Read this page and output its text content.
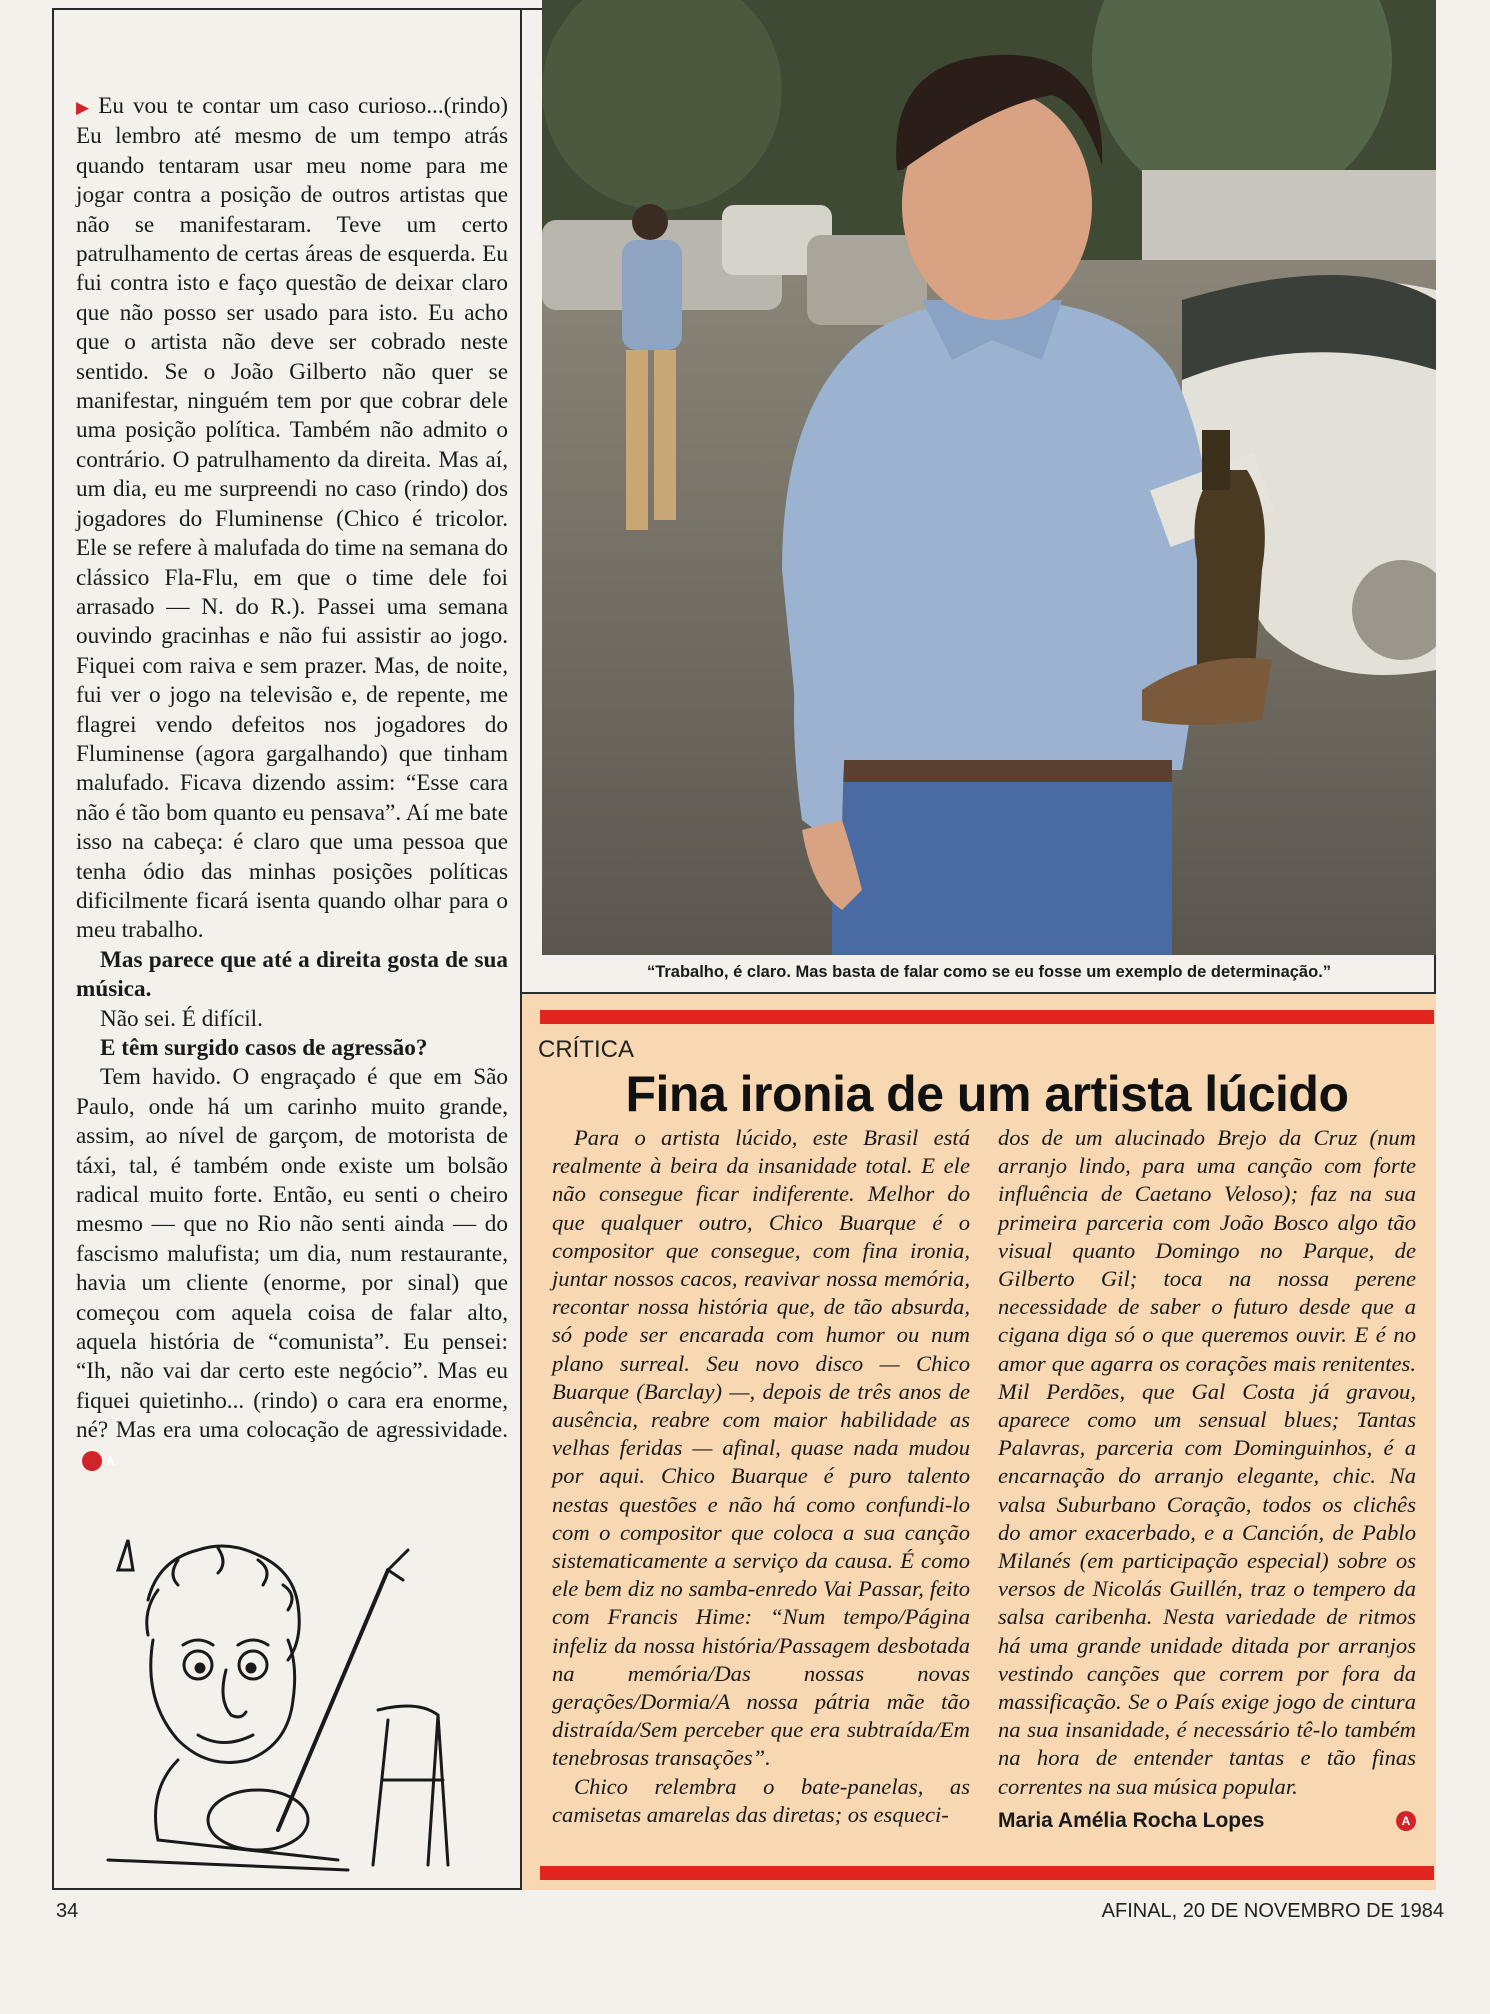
▶ Eu vou te contar um caso curioso...(rindo) Eu lembro até mesmo de um tempo atrás quando tentaram usar meu nome para me jogar contra a posição de outros artistas que não se manifestaram. Teve um certo patrulhamento de certas áreas de esquerda. Eu fui contra isto e faço questão de deixar claro que não posso ser usado para isto. Eu acho que o artista não deve ser cobrado neste sentido. Se o João Gilberto não quer se manifestar, ninguém tem por que cobrar dele uma posição política. Também não admito o contrário. O patrulhamento da direita. Mas aí, um dia, eu me surpreendi no caso (rindo) dos jogadores do Fluminense (Chico é tricolor. Ele se refere à malufada do time na semana do clássico Fla-Flu, em que o time dele foi arrasado — N. do R.). Passei uma semana ouvindo gracinhas e não fui assistir ao jogo. Fiquei com raiva e sem prazer. Mas, de noite, fui ver o jogo na televisão e, de repente, me flagrei vendo defeitos nos jogadores do Fluminense (agora gargalhando) que tinham malufado. Ficava dizendo assim: “Esse cara não é tão bom quanto eu pensava”. Aí me bate isso na cabeça: é claro que uma pessoa que tenha ódio das minhas posições políticas dificilmente ficará isenta quando olhar para o meu trabalho.

Mas parece que até a direita gosta de sua música.

Não sei. É difícil.

E têm surgido casos de agressão?

Tem havido. O engraçado é que em São Paulo, onde há um carinho muito grande, assim, ao nível de garçom, de motorista de táxi, tal, é também onde existe um bolsão radical muito forte. Então, eu senti o cheiro mesmo — que no Rio não senti ainda — do fascismo malufista; um dia, num restaurante, havia um cliente (enorme, por sinal) que começou com aquela coisa de falar alto, aquela história de “comunista”. Eu pensei: “Ih, não vai dar certo este negócio”. Mas eu fiquei quietinho... (rindo) o cara era enorme, né? Mas era uma colocação de agressividade.A

“Trabalho, é claro. Mas basta de falar como se eu fosse um exemplo de determinação.”
CRÍTICA
Fina ironia de um artista lúcido

Para o artista lúcido, este Brasil está realmente à beira da insanidade total. E ele não consegue ficar indiferente. Melhor do que qualquer outro, Chico Buarque é o compositor que consegue, com fina ironia, juntar nossos cacos, reavivar nossa memória, recontar nossa história que, de tão absurda, só pode ser encarada com humor ou num plano surreal. Seu novo disco — Chico Buarque (Barclay) —, depois de três anos de ausência, reabre com maior habilidade as velhas feridas — afinal, quase nada mudou por aqui. Chico Buarque é puro talento nestas questões e não há como confundi-lo com o compositor que coloca a sua canção sistematicamente a serviço da causa. É como ele bem diz no samba-enredo Vai Passar, feito com Francis Hime: “Num tempo/Página infeliz da nossa história/Passagem desbotada na memória/Das nossas novas gerações/Dormia/A nossa pátria mãe tão distraída/Sem perceber que era subtraída/Em tenebrosas transações”.

Chico relembra o bate-panelas, as camisetas amarelas das diretas; os esqueci-

dos de um alucinado Brejo da Cruz (num arranjo lindo, para uma canção com forte influência de Caetano Veloso); faz na sua primeira parceria com João Bosco algo tão visual quanto Domingo no Parque, de Gilberto Gil; toca na nossa perene necessidade de saber o futuro desde que a cigana diga só o que queremos ouvir. E é no amor que agarra os corações mais renitentes. Mil Perdões, que Gal Costa já gravou, aparece como um sensual blues; Tantas Palavras, parceria com Dominguinhos, é a encarnação do arranjo elegante, chic. Na valsa Suburbano Coração, todos os clichês do amor exacerbado, e a Canción, de Pablo Milanés (em participação especial) sobre os versos de Nicolás Guillén, traz o tempero da salsa caribenha. Nesta variedade de ritmos há uma grande unidade ditada por arranjos vestindo canções que correm por fora da massificação. Se o País exige jogo de cintura na sua insanidade, é necessário tê-lo também na hora de entender tantas e tão finas correntes na sua música popular.

Maria Amélia Rocha Lopes	A
34	AFINAL, 20 DE NOVEMBRO DE 1984
